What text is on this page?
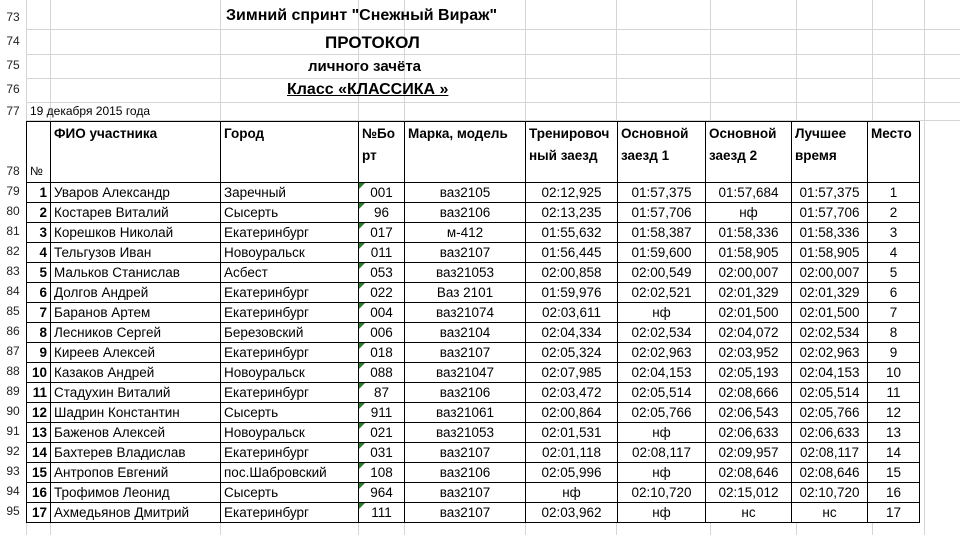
73
74
75
76
77
78
79
80
81
82
83
84
85
86
87
88
89
90
91
92
93
94
95
Зимний спринт "Снежный Вираж"
ПРОТОКОЛ
личного зачёта
Класс «КЛАССИКА »
19 декабря 2015 года
№	ФИО участника	Город	№Борт	Марка, модель	Тренировочный заезд	Основной заезд 1	Основной заезд 2	Лучшее время	Место
1	Уваров Александр	Заречный	001	ваз2105	02:12,925	01:57,375	01:57,684	01:57,375	1
2	Костарев Виталий	Сысерть	96	ваз2106	02:13,235	01:57,706	нф	01:57,706	2
3	Корешков Николай	Екатеринбург	017	м-412	01:55,632	01:58,387	01:58,336	01:58,336	3
4	Тельгузов Иван	Новоуральск	011	ваз2107	01:56,445	01:59,600	01:58,905	01:58,905	4
5	Мальков Станислав	Асбест	053	ваз21053	02:00,858	02:00,549	02:00,007	02:00,007	5
6	Долгов Андрей	Екатеринбург	022	Ваз 2101	01:59,976	02:02,521	02:01,329	02:01,329	6
7	Баранов Артем	Екатеринбург	004	ваз21074	02:03,611	нф	02:01,500	02:01,500	7
8	Лесников Сергей	Березовский	006	ваз2104	02:04,334	02:02,534	02:04,072	02:02,534	8
9	Киреев Алексей	Екатеринбург	018	ваз2107	02:05,324	02:02,963	02:03,952	02:02,963	9
10	Казаков Андрей	Новоуральск	088	ваз21047	02:07,985	02:04,153	02:05,193	02:04,153	10
11	Стадухин Виталий	Екатеринбург	87	ваз2106	02:03,472	02:05,514	02:08,666	02:05,514	11
12	Шадрин Константин	Сысерть	911	ваз21061	02:00,864	02:05,766	02:06,543	02:05,766	12
13	Баженов Алексей	Новоуральск	021	ваз21053	02:01,531	нф	02:06,633	02:06,633	13
14	Бахтерев Владислав	Екатеринбург	031	ваз2107	02:01,118	02:08,117	02:09,957	02:08,117	14
15	Антропов Евгений	пос.Шабровский	108	ваз2106	02:05,996	нф	02:08,646	02:08,646	15
16	Трофимов Леонид	Сысерть	964	ваз2107	нф	02:10,720	02:15,012	02:10,720	16
17	Ахмедьянов Дмитрий	Екатеринбург	111	ваз2107	02:03,962	нф	нс	нс	17
